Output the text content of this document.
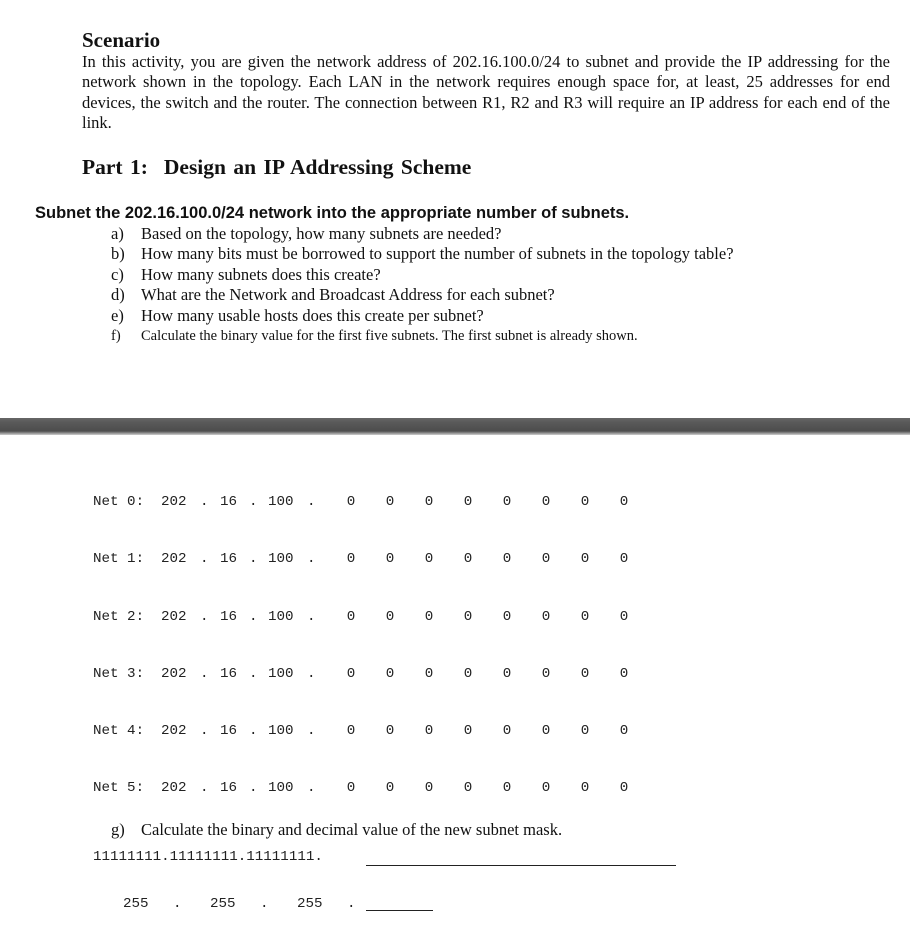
Scenario
In this activity, you are given the network address of 202.16.100.0/24 to subnet and provide the IP addressing for the network shown in the topology. Each LAN in the network requires enough space for, at least, 25 addresses for end devices, the switch and the router. The connection between R1, R2 and R3 will require an IP address for each end of the link.
Part 1: Design an IP Addressing Scheme
Subnet the 202.16.100.0/24 network into the appropriate number of subnets.
a) Based on the topology, how many subnets are needed?
b) How many bits must be borrowed to support the number of subnets in the topology table?
c) How many subnets does this create?
d) What are the Network and Broadcast Address for each subnet?
e) How many usable hosts does this create per subnet?
f) Calculate the binary value for the first five subnets. The first subnet is already shown.
Net 0: 202 . 16 . 100 . 0 0 0 0 0 0 0 0
Net 1: 202 . 16 . 100 . 0 0 0 0 0 0 0 0
Net 2: 202 . 16 . 100 . 0 0 0 0 0 0 0 0
Net 3: 202 . 16 . 100 . 0 0 0 0 0 0 0 0
Net 4: 202 . 16 . 100 . 0 0 0 0 0 0 0 0
Net 5: 202 . 16 . 100 . 0 0 0 0 0 0 0 0
g) Calculate the binary and decimal value of the new subnet mask.
11111111.11111111.11111111.
255 . 255 . 255 .
